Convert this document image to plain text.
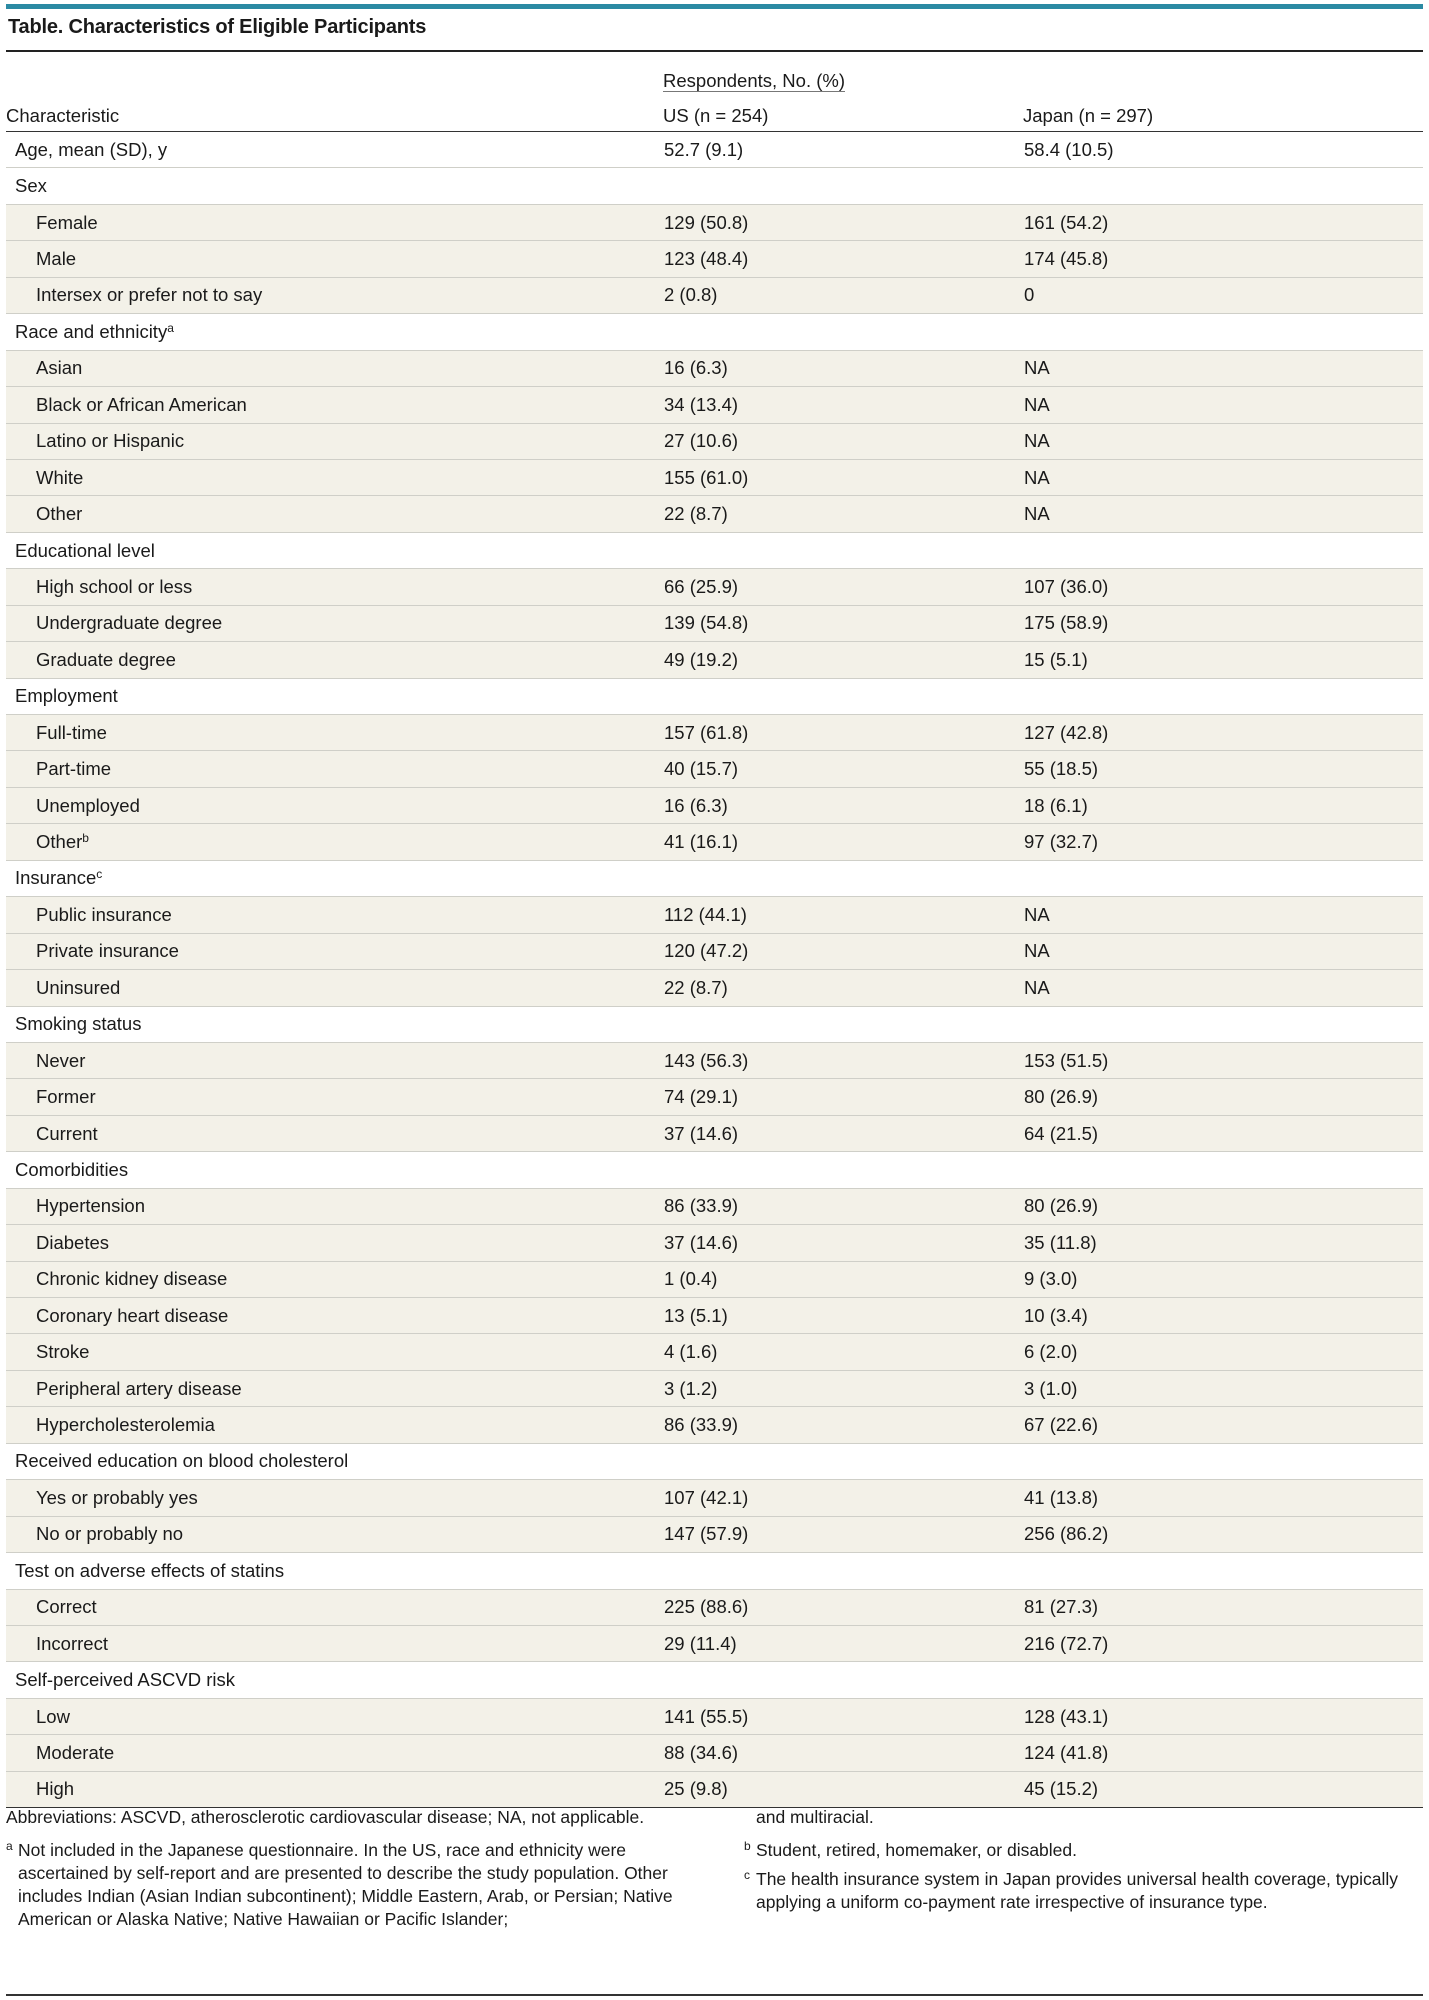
Table. Characteristics of Eligible Participants
	Respondents, No. (%)	
Characteristic	US (n = 254)	Japan (n = 297)
Age, mean (SD), y	52.7 (9.1)	58.4 (10.5)
Sex		
Female	129 (50.8)	161 (54.2)
Male	123 (48.4)	174 (45.8)
Intersex or prefer not to say	2 (0.8)	0
Race and ethnicity$^a$		
Asian	16 (6.3)	NA
Black or African American	34 (13.4)	NA
Latino or Hispanic	27 (10.6)	NA
White	155 (61.0)	NA
Other	22 (8.7)	NA
Educational level		
High school or less	66 (25.9)	107 (36.0)
Undergraduate degree	139 (54.8)	175 (58.9)
Graduate degree	49 (19.2)	15 (5.1)
Employment		
Full-time	157 (61.8)	127 (42.8)
Part-time	40 (15.7)	55 (18.5)
Unemployed	16 (6.3)	18 (6.1)
Other$^b$	41 (16.1)	97 (32.7)
Insurance$^c$		
Public insurance	112 (44.1)	NA
Private insurance	120 (47.2)	NA
Uninsured	22 (8.7)	NA
Smoking status		
Never	143 (56.3)	153 (51.5)
Former	74 (29.1)	80 (26.9)
Current	37 (14.6)	64 (21.5)
Comorbidities		
Hypertension	86 (33.9)	80 (26.9)
Diabetes	37 (14.6)	35 (11.8)
Chronic kidney disease	1 (0.4)	9 (3.0)
Coronary heart disease	13 (5.1)	10 (3.4)
Stroke	4 (1.6)	6 (2.0)
Peripheral artery disease	3 (1.2)	3 (1.0)
Hypercholesterolemia	86 (33.9)	67 (22.6)
Received education on blood cholesterol		
Yes or probably yes	107 (42.1)	41 (13.8)
No or probably no	147 (57.9)	256 (86.2)
Test on adverse effects of statins		
Correct	225 (88.6)	81 (27.3)
Incorrect	29 (11.4)	216 (72.7)
Self-perceived ASCVD risk		
Low	141 (55.5)	128 (43.1)
Moderate	88 (34.6)	124 (41.8)
High	25 (9.8)	45 (15.2)
Abbreviations: ASCVD, atherosclerotic cardiovascular disease; NA, not applicable.
a Not included in the Japanese questionnaire. In the US, race and ethnicity were ascertained by self-report and are presented to describe the study population. Other includes Indian (Asian Indian subcontinent); Middle Eastern, Arab, or Persian; Native American or Alaska Native; Native Hawaiian or Pacific Islander;
and multiracial.
b Student, retired, homemaker, or disabled.
c The health insurance system in Japan provides universal health coverage, typically applying a uniform co-payment rate irrespective of insurance type.
